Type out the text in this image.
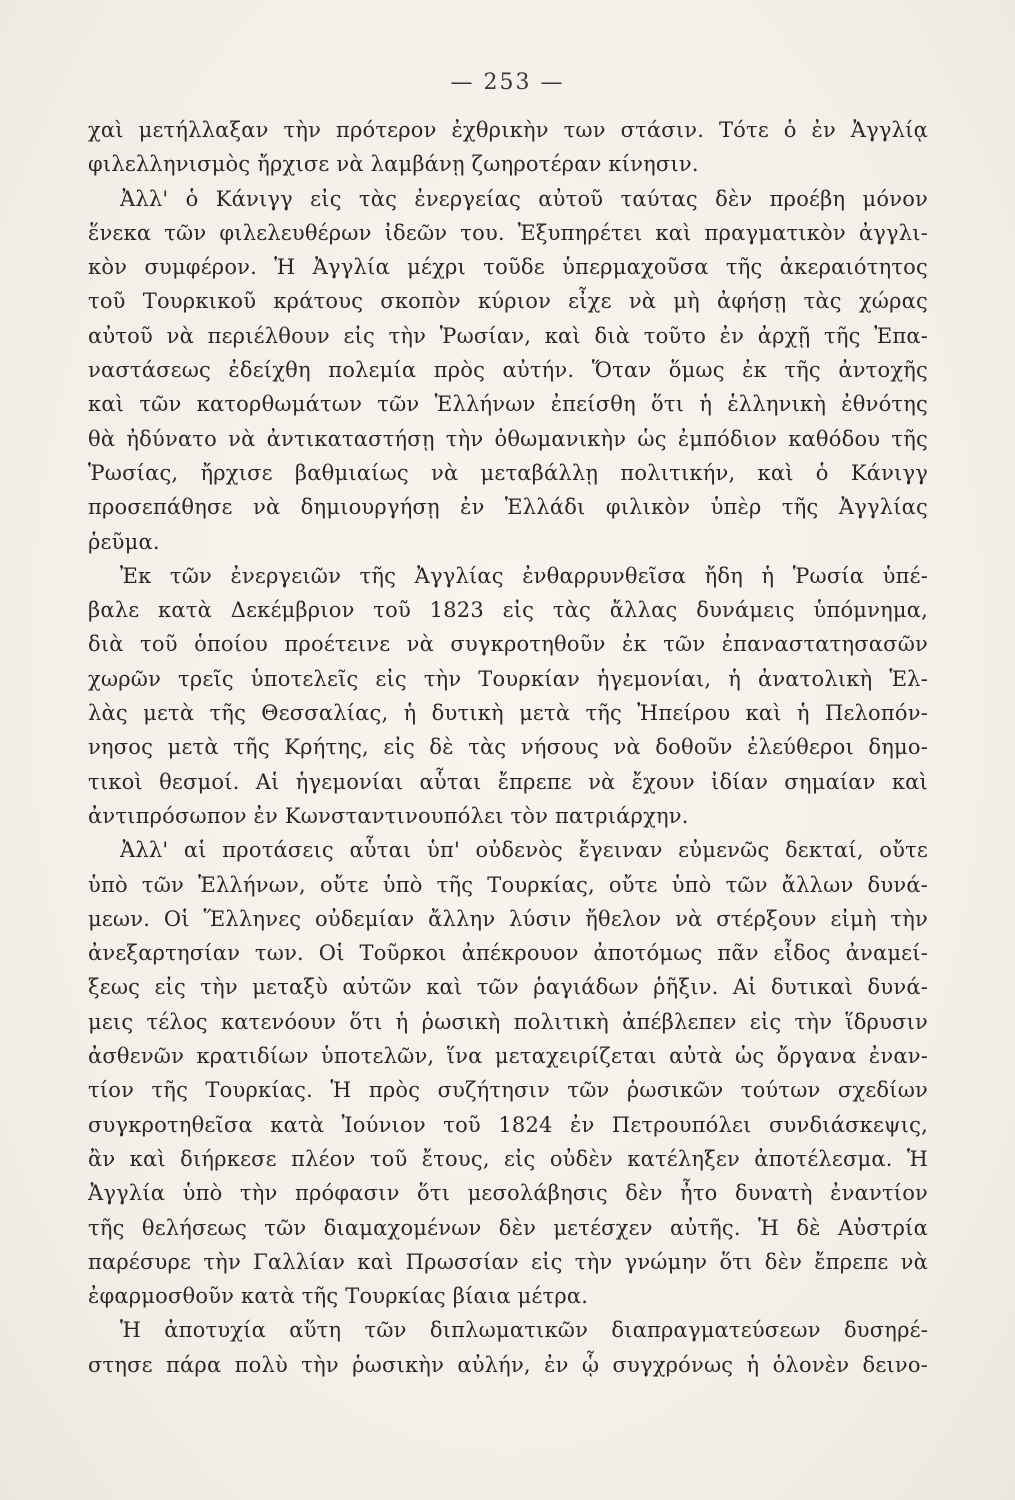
— 253 —
χαὶ μετήλλαξαν τὴν πρότερον ἐχθρικὴν των στάσιν. Τότε ὁ ἐν Ἀγγλίᾳ
φιλελληνισμὸς ἤρχισε νὰ λαμβάνῃ ζωηροτέραν κίνησιν.
Ἀλλ' ὁ Κάνιγγ εἰς τὰς ἐνεργείας αὐτοῦ ταύτας δὲν προέβη μόνον
ἕνεκα τῶν φιλελευθέρων ἰδεῶν του. Ἐξυπηρέτει καὶ πραγματικὸν ἀγγλι-
κὸν συμφέρον. Ἡ Ἀγγλία μέχρι τοῦδε ὑπερμαχοῦσα τῆς ἀκεραιότητος
τοῦ Τουρκικοῦ κράτους σκοπὸν κύριον εἶχε νὰ μὴ ἀφήσῃ τὰς χώρας
αὐτοῦ νὰ περιέλθουν εἰς τὴν Ῥωσίαν, καὶ διὰ τοῦτο ἐν ἀρχῇ τῆς Ἐπα-
ναστάσεως ἐδείχθη πολεμία πρὸς αὐτήν. Ὅταν ὅμως ἐκ τῆς ἀντοχῆς
καὶ τῶν κατορθωμάτων τῶν Ἑλλήνων ἐπείσθη ὅτι ἡ ἑλληνικὴ ἐθνότης
θὰ ἠδύνατο νὰ ἀντικαταστήσῃ τὴν ὀθωμανικὴν ὡς ἐμπόδιον καθόδου τῆς
Ῥωσίας, ἤρχισε βαθμιαίως νὰ μεταβάλλῃ πολιτικήν, καὶ ὁ Κάνιγγ
προσεπάθησε νὰ δημιουργήσῃ ἐν Ἑλλάδι φιλικὸν ὑπὲρ τῆς Ἀγγλίας
ῥεῦμα.
Ἐκ τῶν ἐνεργειῶν τῆς Ἀγγλίας ἐνθαρρυνθεῖσα ἤδη ἡ Ῥωσία ὑπέ-
βαλε κατὰ Δεκέμβριον τοῦ 1823 εἰς τὰς ἄλλας δυνάμεις ὑπόμνημα,
διὰ τοῦ ὁποίου προέτεινε νὰ συγκροτηθοῦν ἐκ τῶν ἐπαναστατησασῶν
χωρῶν τρεῖς ὑποτελεῖς εἰς τὴν Τουρκίαν ἡγεμονίαι, ἡ ἀνατολικὴ Ἑλ-
λὰς μετὰ τῆς Θεσσαλίας, ἡ δυτικὴ μετὰ τῆς Ἠπείρου καὶ ἡ Πελοπόν-
νησος μετὰ τῆς Κρήτης, εἰς δὲ τὰς νήσους νὰ δοθοῦν ἐλεύθεροι δημο-
τικοὶ θεσμοί. Αἱ ἡγεμονίαι αὗται ἔπρεπε νὰ ἔχουν ἰδίαν σημαίαν καὶ
ἀντιπρόσωπον ἐν Κωνσταντινουπόλει τὸν πατριάρχην.
Ἀλλ' αἱ προτάσεις αὗται ὑπ' οὐδενὸς ἔγειναν εὐμενῶς δεκταί, οὔτε
ὑπὸ τῶν Ἑλλήνων, οὔτε ὑπὸ τῆς Τουρκίας, οὔτε ὑπὸ τῶν ἄλλων δυνά-
μεων. Οἱ Ἕλληνες οὐδεμίαν ἄλλην λύσιν ἤθελον νὰ στέρξουν εἰμὴ τὴν
ἀνεξαρτησίαν των. Οἱ Τοῦρκοι ἀπέκρουον ἀποτόμως πᾶν εἶδος ἀναμεί-
ξεως εἰς τὴν μεταξὺ αὐτῶν καὶ τῶν ῥαγιάδων ῥῆξιν. Αἱ δυτικαὶ δυνά-
μεις τέλος κατενόουν ὅτι ἡ ῥωσικὴ πολιτικὴ ἀπέβλεπεν εἰς τὴν ἵδρυσιν
ἀσθενῶν κρατιδίων ὑποτελῶν, ἵνα μεταχειρίζεται αὐτὰ ὡς ὄργανα ἐναν-
τίον τῆς Τουρκίας. Ἡ πρὸς συζήτησιν τῶν ῥωσικῶν τούτων σχεδίων
συγκροτηθεῖσα κατὰ Ἰούνιον τοῦ 1824 ἐν Πετρουπόλει συνδιάσκεψις,
ἂν καὶ διήρκεσε πλέον τοῦ ἔτους, εἰς οὐδὲν κατέληξεν ἀποτέλεσμα. Ἡ
Ἀγγλία ὑπὸ τὴν πρόφασιν ὅτι μεσολάβησις δὲν ἦτο δυνατὴ ἐναντίον
τῆς θελήσεως τῶν διαμαχομένων δὲν μετέσχεν αὐτῆς. Ἡ δὲ Αὐστρία
παρέσυρε τὴν Γαλλίαν καὶ Πρωσσίαν εἰς τὴν γνώμην ὅτι δὲν ἔπρεπε νὰ
ἐφαρμοσθοῦν κατὰ τῆς Τουρκίας βίαια μέτρα.
Ἡ ἀποτυχία αὕτη τῶν διπλωματικῶν διαπραγματεύσεων δυσηρέ-
στησε πάρα πολὺ τὴν ῥωσικὴν αὐλήν, ἐν ᾧ συγχρόνως ἡ ὁλονὲν δεινο-
